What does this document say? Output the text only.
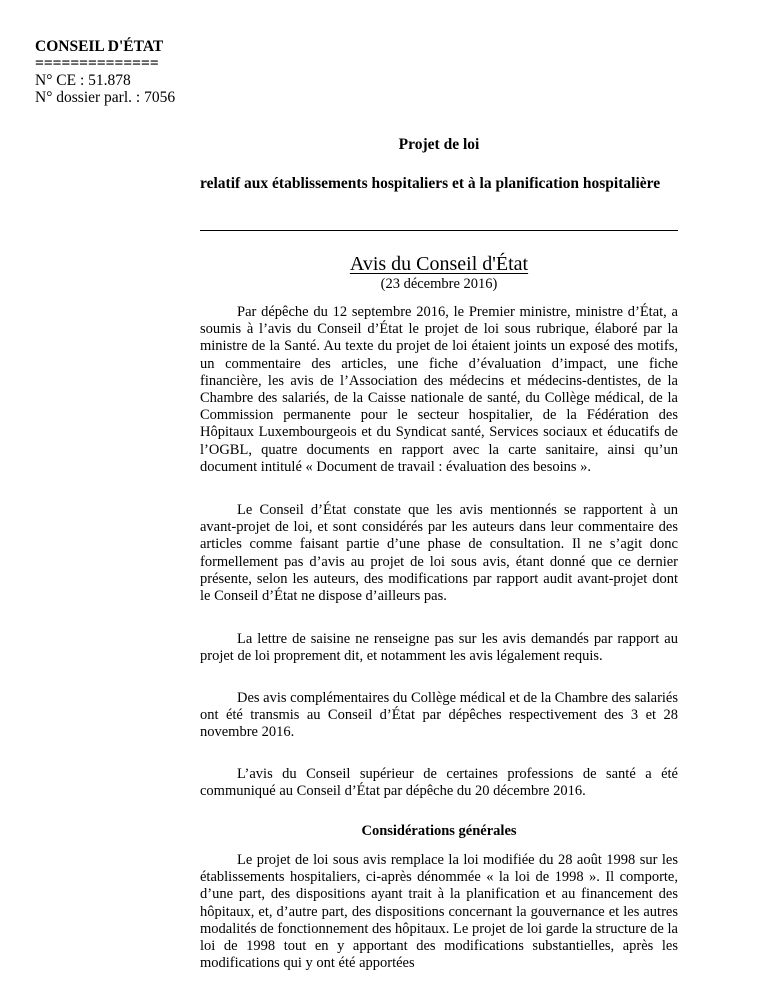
CONSEIL D'ÉTAT
==============
N° CE : 51.878
N° dossier parl. : 7056
Projet de loi
relatif aux établissements hospitaliers et à la planification hospitalière
Avis du Conseil d'État
(23 décembre 2016)

Par dépêche du 12 septembre 2016, le Premier ministre, ministre d’État, a soumis à l’avis du Conseil d’État le projet de loi sous rubrique, élaboré par la ministre de la Santé. Au texte du projet de loi étaient joints un exposé des motifs, un commentaire des articles, une fiche d’évaluation d’impact, une fiche financière, les avis de l’Association des médecins et médecins-dentistes, de la Chambre des salariés, de la Caisse nationale de santé, du Collège médical, de la Commission permanente pour le secteur hospitalier, de la Fédération des Hôpitaux Luxembourgeois et du Syndicat santé, Services sociaux et éducatifs de l’OGBL, quatre documents en rapport avec la carte sanitaire, ainsi qu’un document intitulé « Document de travail : évaluation des besoins ».

Le Conseil d’État constate que les avis mentionnés se rapportent à un avant-projet de loi, et sont considérés par les auteurs dans leur commentaire des articles comme faisant partie d’une phase de consultation. Il ne s’agit donc formellement pas d’avis au projet de loi sous avis, étant donné que ce dernier présente, selon les auteurs, des modifications par rapport audit avant-projet dont le Conseil d’État ne dispose d’ailleurs pas.

La lettre de saisine ne renseigne pas sur les avis demandés par rapport au projet de loi proprement dit, et notamment les avis légalement requis.

Des avis complémentaires du Collège médical et de la Chambre des salariés ont été transmis au Conseil d’État par dépêches respectivement des 3 et 28 novembre 2016.

L’avis du Conseil supérieur de certaines professions de santé a été communiqué au Conseil d’État par dépêche du 20 décembre 2016.

Considérations générales

Le projet de loi sous avis remplace la loi modifiée du 28 août 1998 sur les établissements hospitaliers, ci-après dénommée « la loi de 1998 ». Il comporte, d’une part, des dispositions ayant trait à la planification et au financement des hôpitaux, et, d’autre part, des dispositions concernant la gouvernance et les autres modalités de fonctionnement des hôpitaux. Le projet de loi garde la structure de la loi de 1998 tout en y apportant des modifications substantielles, après les modifications qui y ont été apportées
